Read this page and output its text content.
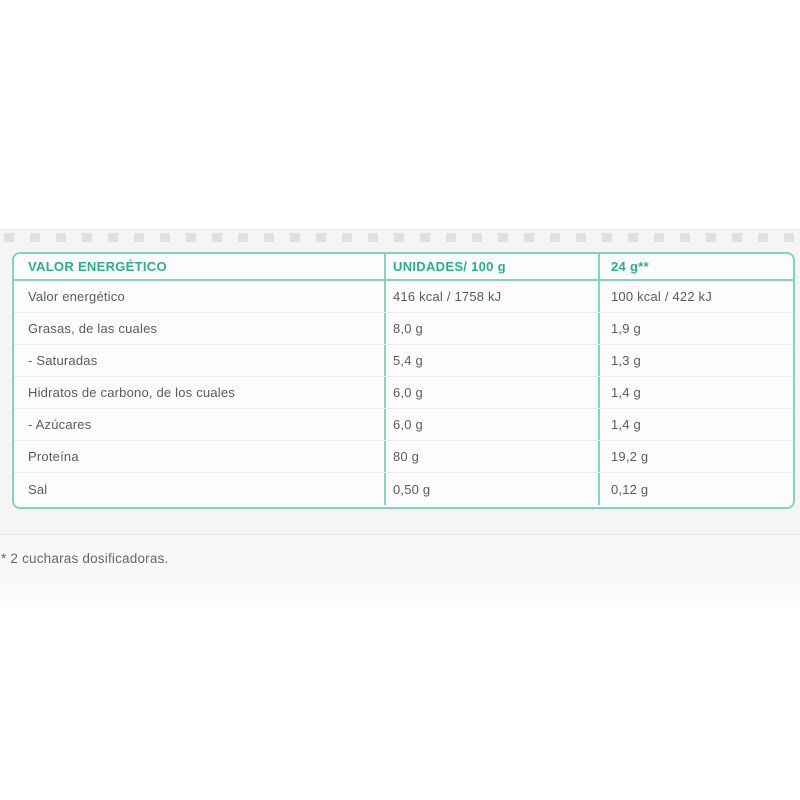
VALOR ENERGÉTICO	UNIDADES/ 100 g	24 g**
Valor energético	416 kcal / 1758 kJ	100 kcal / 422 kJ
Grasas, de las cuales	8,0 g	1,9 g
- Saturadas	5,4 g	1,3 g
Hidratos de carbono, de los cuales	6,0 g	1,4 g
- Azúcares	6,0 g	1,4 g
Proteína	80 g	19,2 g
Sal	0,50 g	0,12 g
* 2 cucharas dosificadoras.
